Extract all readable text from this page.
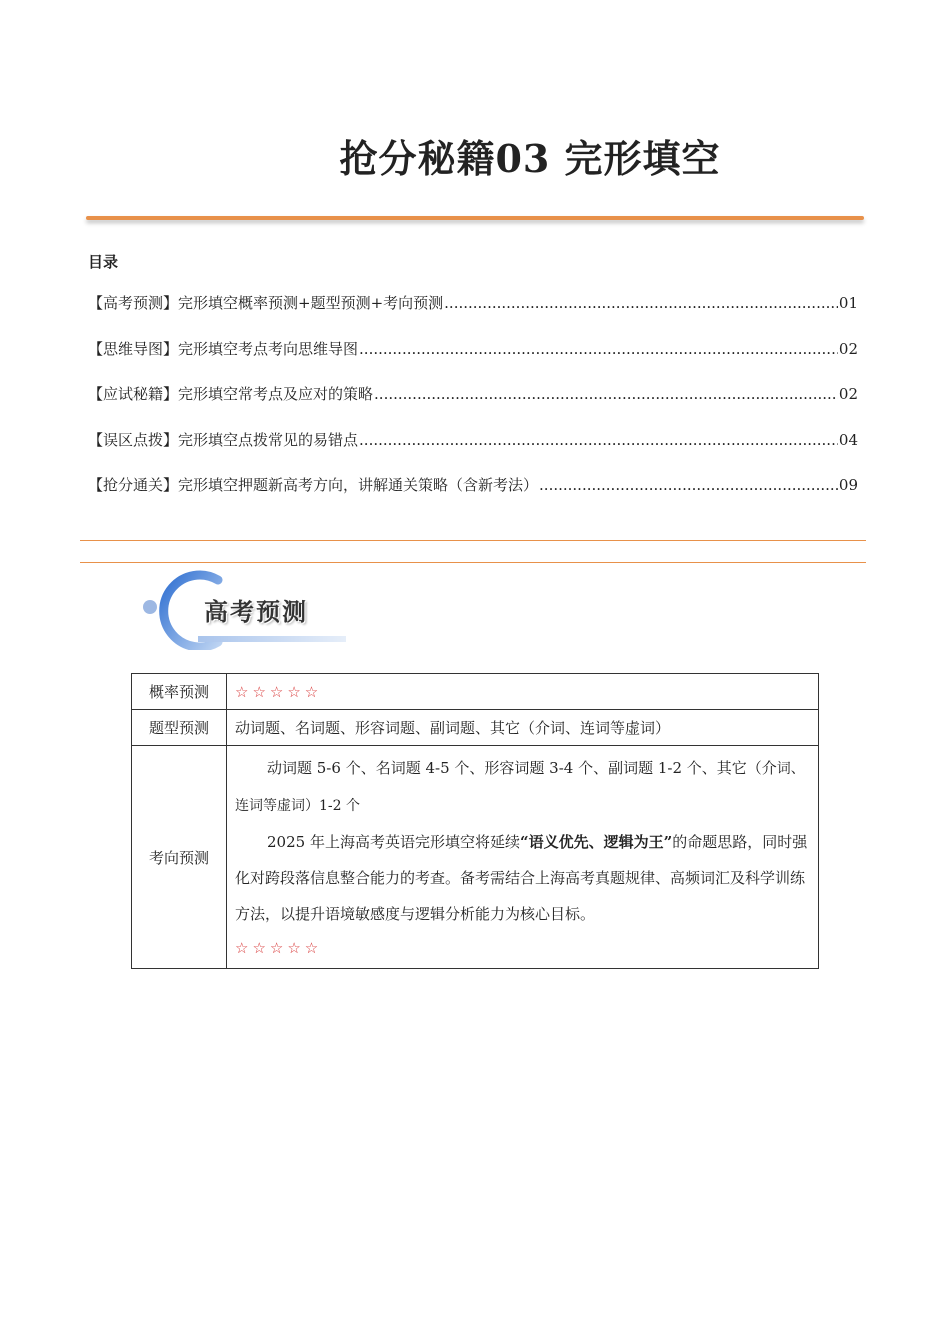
抢分秘籍03 完形填空
目录
【高考预测】 完形填空概率预测+题型预测+考向预测 .....	01
【思维导图】 完形填空考点考向思维导图 .....	02
【应试秘籍】 完形填空常考点及应对的策略 .....	02
【误区点拨】 完形填空点拨常见的易错点 .....	04
【抢分通关】 完形填空押题新高考方向，讲解通关策略（含新考法） .....	09
高考预测
概率预测	☆☆☆☆☆
题型预测	动词题、名词题、形容词题、副词题、其它（介词、连词等虚词）
考向预测	动词题 5-6 个、名词题 4-5 个、形容词题 3-4 个、副词题 1-2 个、其它（介词、连词等虚词）1-2 个

2025 年上海高考英语完形填空将延续“语义优先、逻辑为王”的命题思路，同时强化对跨段落信息整合能力的考查。备考需结合上海高考真题规律、高频词汇及科学训练方法，以提升语境敏感度与逻辑分析能力为核心目标。

☆☆☆☆☆
